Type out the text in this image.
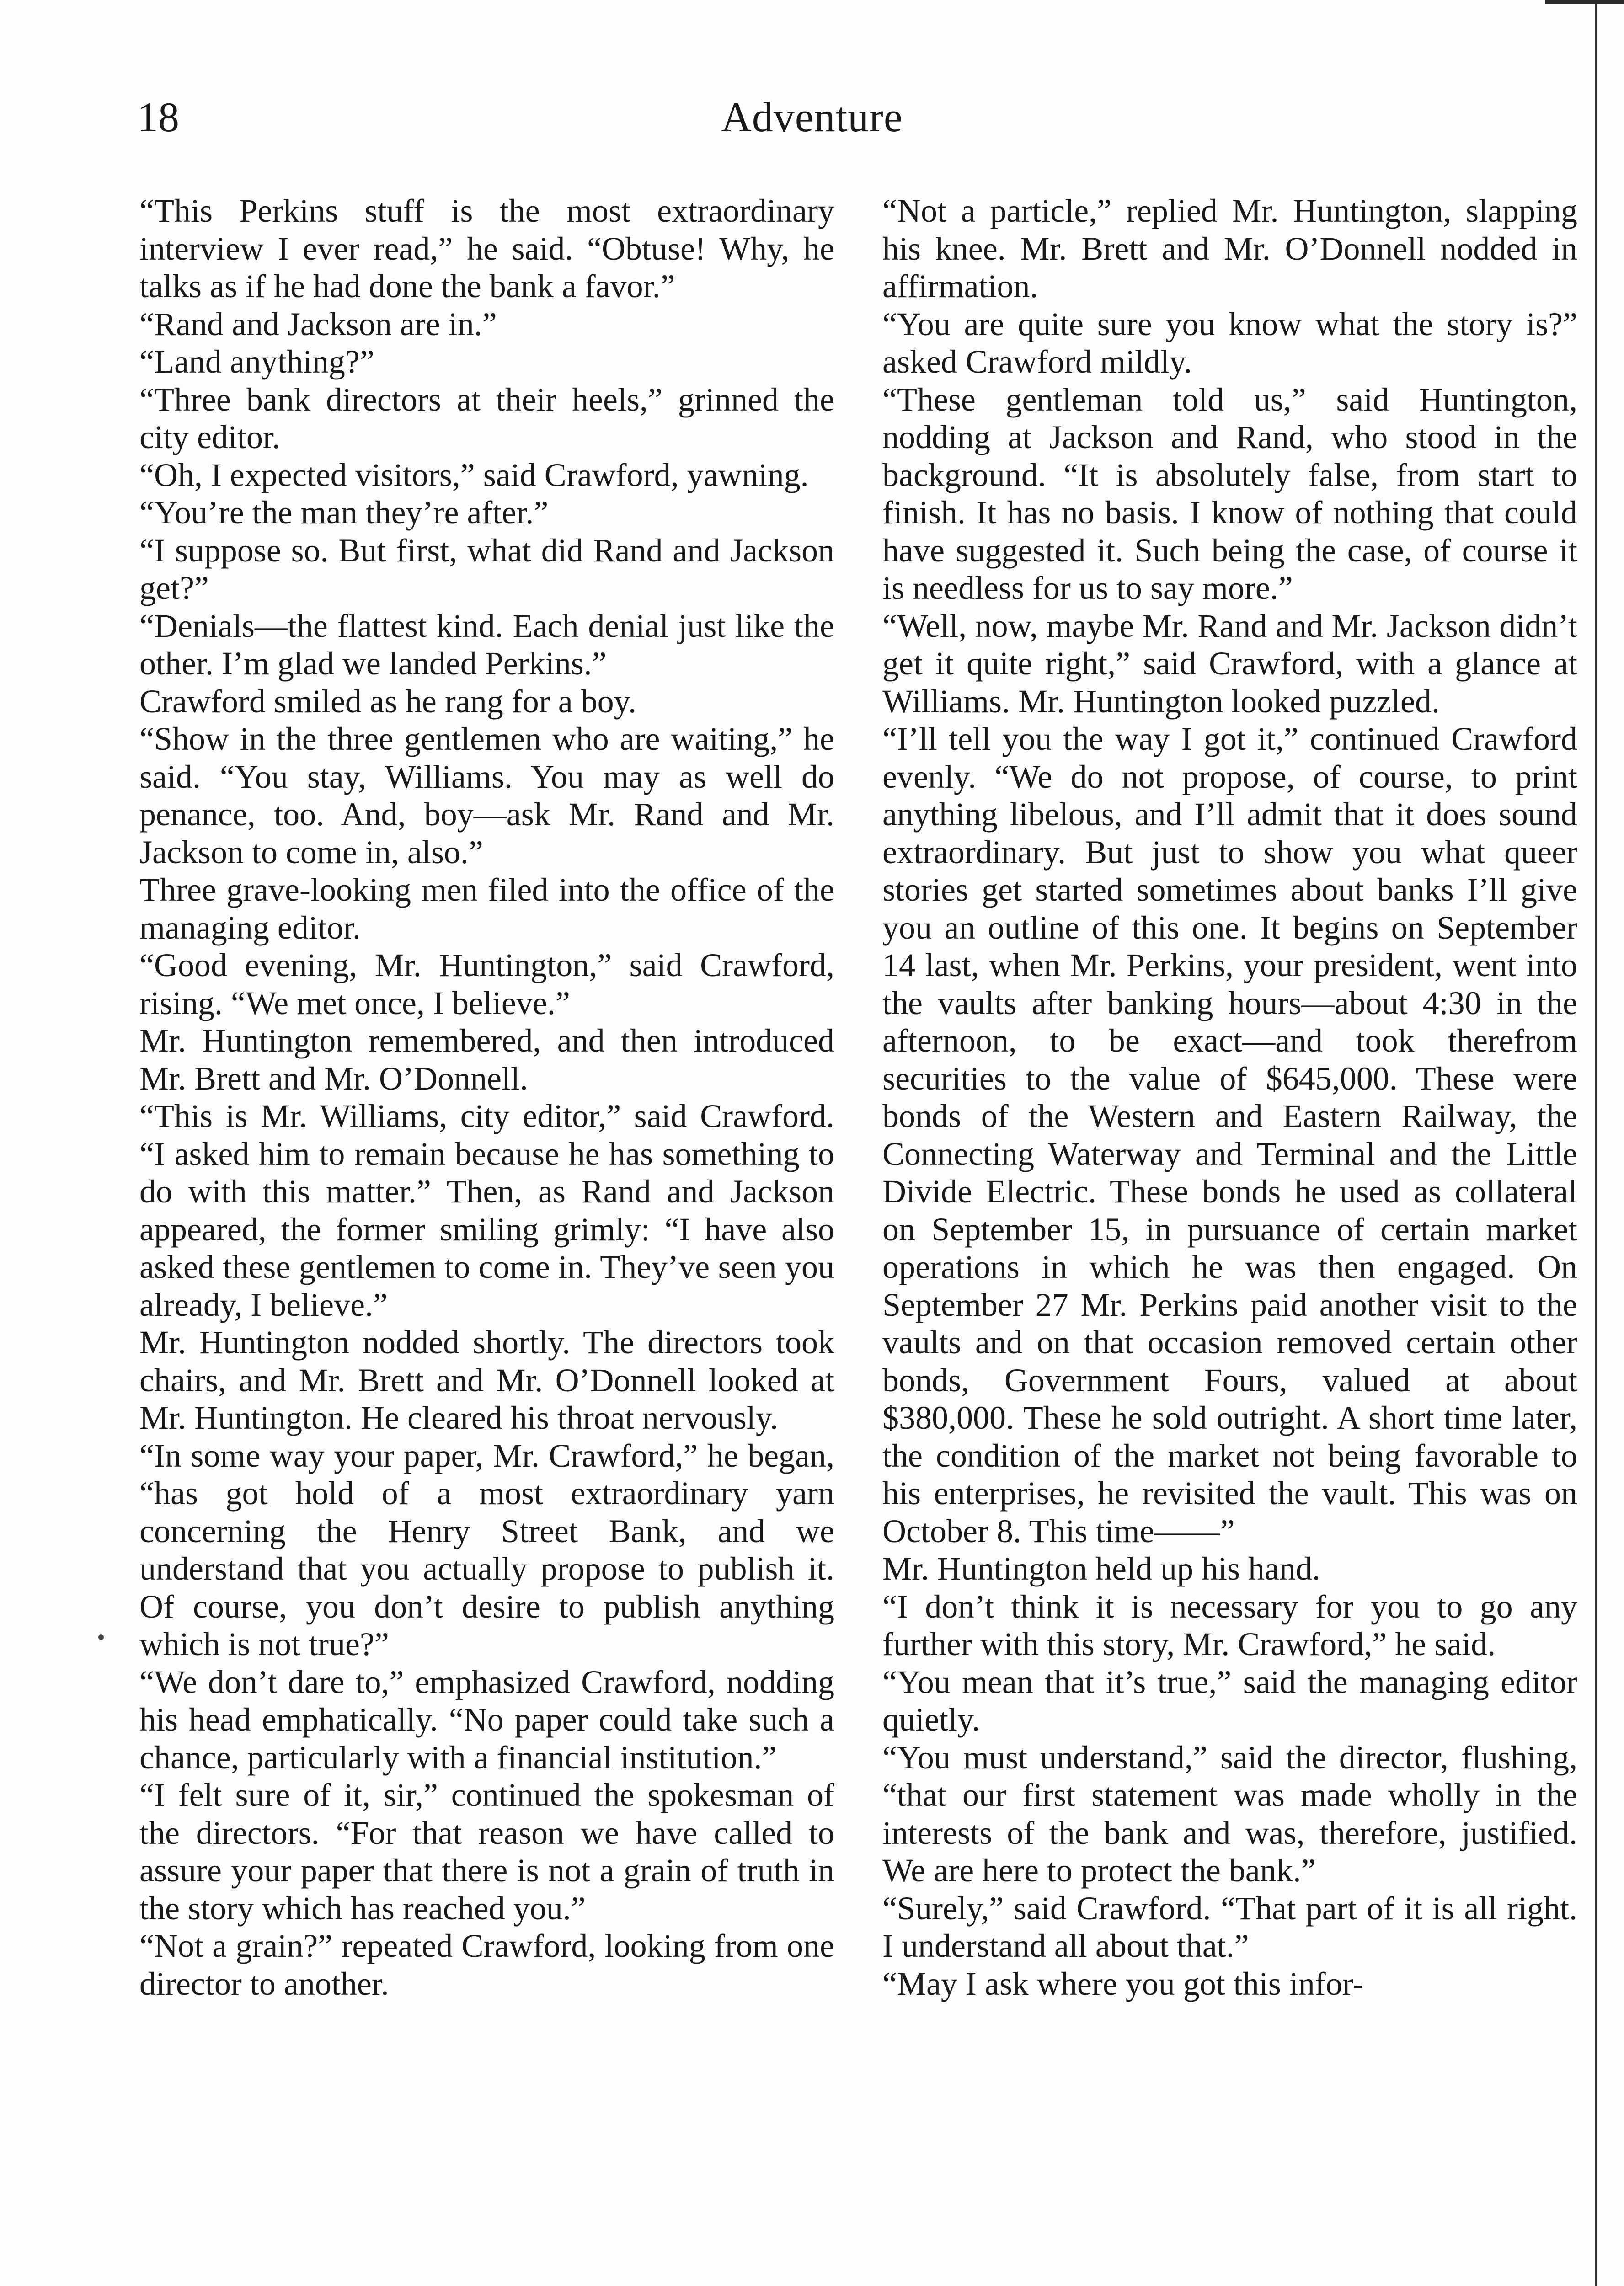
18	Adventure

“This Perkins stuff is the most extraordinary interview I ever read,” he said. “Obtuse! Why, he talks as if he had done the bank a favor.”

“Rand and Jackson are in.”

“Land anything?”

“Three bank directors at their heels,” grinned the city editor.

“Oh, I expected visitors,” said Crawford, yawning.

“You’re the man they’re after.”

“I suppose so. But first, what did Rand and Jackson get?”

“Denials—the flattest kind. Each denial just like the other. I’m glad we landed Perkins.”

Crawford smiled as he rang for a boy.

“Show in the three gentlemen who are waiting,” he said. “You stay, Williams. You may as well do penance, too. And, boy—ask Mr. Rand and Mr. Jackson to come in, also.”

Three grave-looking men filed into the office of the managing editor.

“Good evening, Mr. Huntington,” said Crawford, rising. “We met once, I believe.”

Mr. Huntington remembered, and then introduced Mr. Brett and Mr. O’Donnell.

“This is Mr. Williams, city editor,” said Crawford. “I asked him to remain because he has something to do with this matter.” Then, as Rand and Jackson appeared, the former smiling grimly: “I have also asked these gentlemen to come in. They’ve seen you already, I believe.”

Mr. Huntington nodded shortly. The directors took chairs, and Mr. Brett and Mr. O’Donnell looked at Mr. Huntington. He cleared his throat nervously.

“In some way your paper, Mr. Crawford,” he began, “has got hold of a most extraordinary yarn concerning the Henry Street Bank, and we understand that you actually propose to publish it. Of course, you don’t desire to publish anything which is not true?”

“We don’t dare to,” emphasized Crawford, nodding his head emphatically. “No paper could take such a chance, particularly with a financial institution.”

“I felt sure of it, sir,” continued the spokesman of the directors. “For that reason we have called to assure your paper that there is not a grain of truth in the story which has reached you.”

“Not a grain?” repeated Crawford, looking from one director to another.

“Not a particle,” replied Mr. Huntington, slapping his knee. Mr. Brett and Mr. O’Donnell nodded in affirmation.

“You are quite sure you know what the story is?” asked Crawford mildly.

“These gentleman told us,” said Huntington, nodding at Jackson and Rand, who stood in the background. “It is absolutely false, from start to finish. It has no basis. I know of nothing that could have suggested it. Such being the case, of course it is needless for us to say more.”

“Well, now, maybe Mr. Rand and Mr. Jackson didn’t get it quite right,” said Crawford, with a glance at Williams. Mr. Huntington looked puzzled.

“I’ll tell you the way I got it,” continued Crawford evenly. “We do not propose, of course, to print anything libelous, and I’ll admit that it does sound extraordinary. But just to show you what queer stories get started sometimes about banks I’ll give you an outline of this one. It begins on September 14 last, when Mr. Perkins, your president, went into the vaults after banking hours—about 4:30 in the afternoon, to be exact—and took therefrom securities to the value of $645,000. These were bonds of the Western and Eastern Railway, the Connecting Waterway and Terminal and the Little Divide Electric. These bonds he used as collateral on September 15, in pursuance of certain market operations in which he was then engaged. On September 27 Mr. Perkins paid another visit to the vaults and on that occasion removed certain other bonds, Government Fours, valued at about $380,000. These he sold outright. A short time later, the condition of the market not being favorable to his enterprises, he revisited the vault. This was on October 8. This time——”

Mr. Huntington held up his hand.

“I don’t think it is necessary for you to go any further with this story, Mr. Crawford,” he said.

“You mean that it’s true,” said the managing editor quietly.

“You must understand,” said the director, flushing, “that our first statement was made wholly in the interests of the bank and was, therefore, justified. We are here to protect the bank.”

“Surely,” said Crawford. “That part of it is all right. I understand all about that.”

“May I ask where you got this infor-
